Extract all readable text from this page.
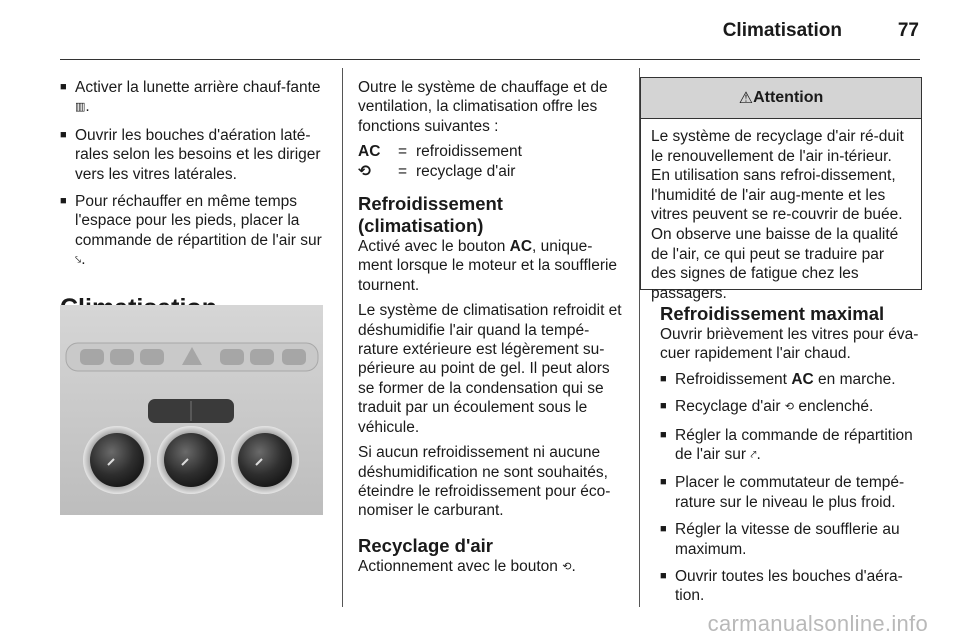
Climatisation	77
■ Activer la lunette arrière chauf-fante ▥.
■ Ouvrir les bouches d'aération laté-rales selon les besoins et les diriger vers les vitres latérales.
■ Pour réchauffer en même temps l'espace pour les pieds, placer la commande de répartition de l'air sur ⤥.

Outre le système de chauffage et de ventilation, la climatisation offre les fonctions suivantes :

AC	= refroidissement
⟲	= recyclage d'air
Refroidissement (climatisation)

Activé avec le bouton AC, unique-ment lorsque le moteur et la soufflerie tournent.

Le système de climatisation refroidit et déshumidifie l'air quand la tempé-rature extérieure est légèrement su-périeure au point de gel. Il peut alors se former de la condensation qui se traduit par un écoulement sous le véhicule.

Si aucun refroidissement ni aucune déshumidification ne sont souhaités, éteindre le refroidissement pour éco-nomiser le carburant.

Recyclage d'air

Actionnement avec le bouton ⟲.

⚠ Attention
Le système de recyclage d'air ré-duit le renouvellement de l'air in-térieur. En utilisation sans refroi-dissement, l'humidité de l'air aug-mente et les vitres peuvent se re-couvrir de buée. On observe une baisse de la qualité de l'air, ce qui peut se traduire par des signes de fatigue chez les passagers.
Refroidissement maximal

Ouvrir brièvement les vitres pour éva-cuer rapidement l'air chaud.

■ Refroidissement AC en marche.
■ Recyclage d'air ⟲ enclenché.
■ Régler la commande de répartition de l'air sur ⤤.
■ Placer le commutateur de tempé-rature sur le niveau le plus froid.
■ Régler la vitesse de soufflerie au maximum.
■ Ouvrir toutes les bouches d'aéra-tion.
carmanualsonline.info
